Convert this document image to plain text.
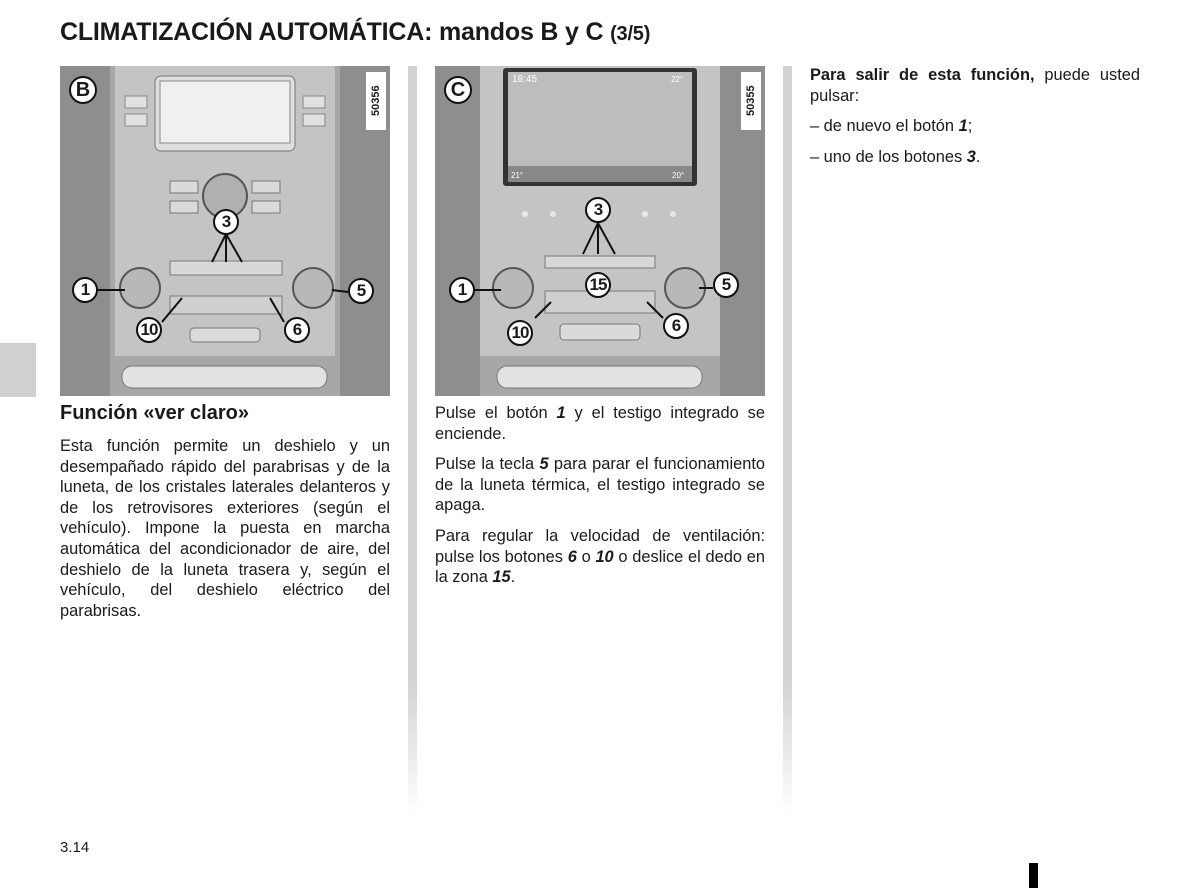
CLIMATIZACIÓN AUTOMÁTICA: mandos B y C (3/5)
B	50356
1
3
5
6
10
C	50355
18:45	22°
21°	20°
1
3
5
6
10
15
Función «ver claro»

Esta función permite un deshielo y un desempañado rápido del parabrisas y de la luneta, de los cristales laterales delanteros y de los retrovisores exteriores (según el vehículo). Impone la puesta en marcha automática del acondicionador de aire, del deshielo de la luneta trasera y, según el vehículo, del deshielo eléctrico del parabrisas.

Pulse el botón 1 y el testigo integrado se enciende.

Pulse la tecla 5 para parar el funcionamiento de la luneta térmica, el testigo integrado se apaga.

Para regular la velocidad de ventilación: pulse los botones 6 o 10 o deslice el dedo en la zona 15.

Para salir de esta función, puede usted pulsar:

– de nuevo el botón 1;
– uno de los botones 3.
3.14
